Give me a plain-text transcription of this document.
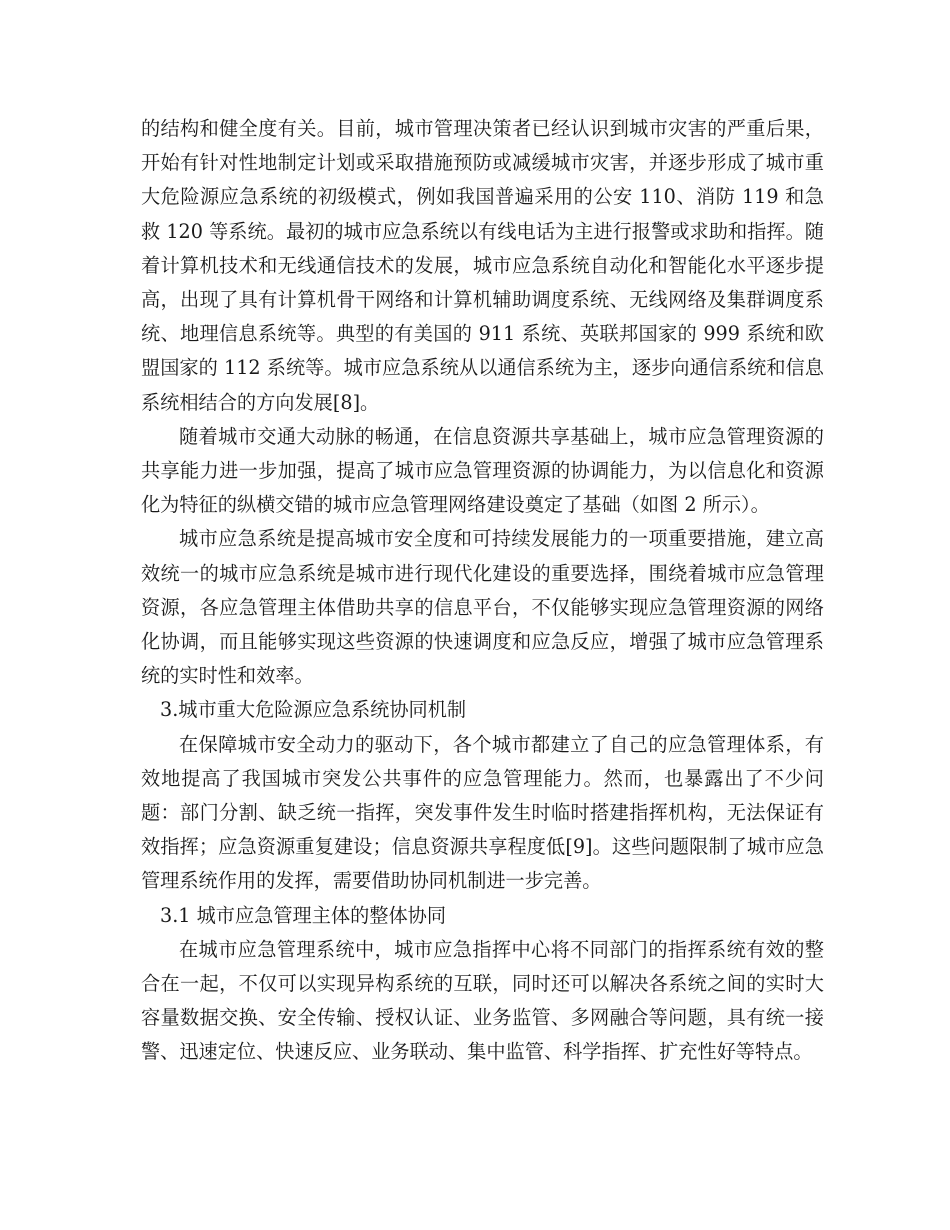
的结构和健全度有关。目前，城市管理决策者已经认识到城市灾害的严重后果，开始有针对性地制定计划或采取措施预防或减缓城市灾害，并逐步形成了城市重大危险源应急系统的初级模式，例如我国普遍采用的公安 110、消防 119 和急救 120 等系统。最初的城市应急系统以有线电话为主进行报警或求助和指挥。随着计算机技术和无线通信技术的发展，城市应急系统自动化和智能化水平逐步提高，出现了具有计算机骨干网络和计算机辅助调度系统、无线网络及集群调度系统、地理信息系统等。典型的有美国的 911 系统、英联邦国家的 999 系统和欧盟国家的 112 系统等。城市应急系统从以通信系统为主，逐步向通信系统和信息系统相结合的方向发展[8]。

随着城市交通大动脉的畅通，在信息资源共享基础上，城市应急管理资源的共享能力进一步加强，提高了城市应急管理资源的协调能力，为以信息化和资源化为特征的纵横交错的城市应急管理网络建设奠定了基础（如图 2 所示）。

城市应急系统是提高城市安全度和可持续发展能力的一项重要措施，建立高效统一的城市应急系统是城市进行现代化建设的重要选择，围绕着城市应急管理资源，各应急管理主体借助共享的信息平台，不仅能够实现应急管理资源的网络化协调，而且能够实现这些资源的快速调度和应急反应，增强了城市应急管理系统的实时性和效率。

3.城市重大危险源应急系统协同机制

在保障城市安全动力的驱动下，各个城市都建立了自己的应急管理体系，有效地提高了我国城市突发公共事件的应急管理能力。然而，也暴露出了不少问题：部门分割、缺乏统一指挥，突发事件发生时临时搭建指挥机构，无法保证有效指挥；应急资源重复建设；信息资源共享程度低[9]。这些问题限制了城市应急管理系统作用的发挥，需要借助协同机制进一步完善。

3.1 城市应急管理主体的整体协同

在城市应急管理系统中，城市应急指挥中心将不同部门的指挥系统有效的整合在一起，不仅可以实现异构系统的互联，同时还可以解决各系统之间的实时大容量数据交换、安全传输、授权认证、业务监管、多网融合等问题，具有统一接警、迅速定位、快速反应、业务联动、集中监管、科学指挥、扩充性好等特点。
